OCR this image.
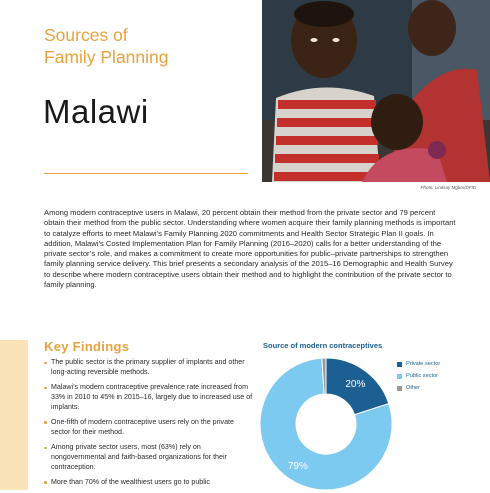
Sources of
Family Planning
Malawi
Photo: Lindsay Mgbor/DFID

Among modern contraceptive users in Malawi, 20 percent obtain their method from the private sector and 79 percent obtain their method from the public sector. Understanding where women acquire their family planning methods is important to catalyze efforts to meet Malawi’s Family Planning 2020 commitments and Health Sector Strategic Plan II goals. In addition, Malawi’s Costed Implementation Plan for Family Planning (2016–2020) calls for a better understanding of the private sector’s role, and makes a commitment to create more opportunities for public–private partnerships to strengthen family planning service delivery. This brief presents a secondary analysis of the 2015–16 Demographic and Health Survey to describe where modern contraceptive users obtain their method and to highlight the contribution of the private sector to family planning.

Key Findings
The public sector is the primary supplier of implants and other long-acting reversible methods.
Malawi’s modern contraceptive prevalence rate increased from 33% in 2010 to 45% in 2015–16, largely due to increased use of implants.
One-fifth of modern contraceptive users rely on the private sector for their method.
Among private sector users, most (63%) rely on nongovernmental and faith-based organizations for their contraception.
More than 70% of the wealthiest users go to public
Source of modern contraceptives
20%
79%
Private sector
Public sector
Other
